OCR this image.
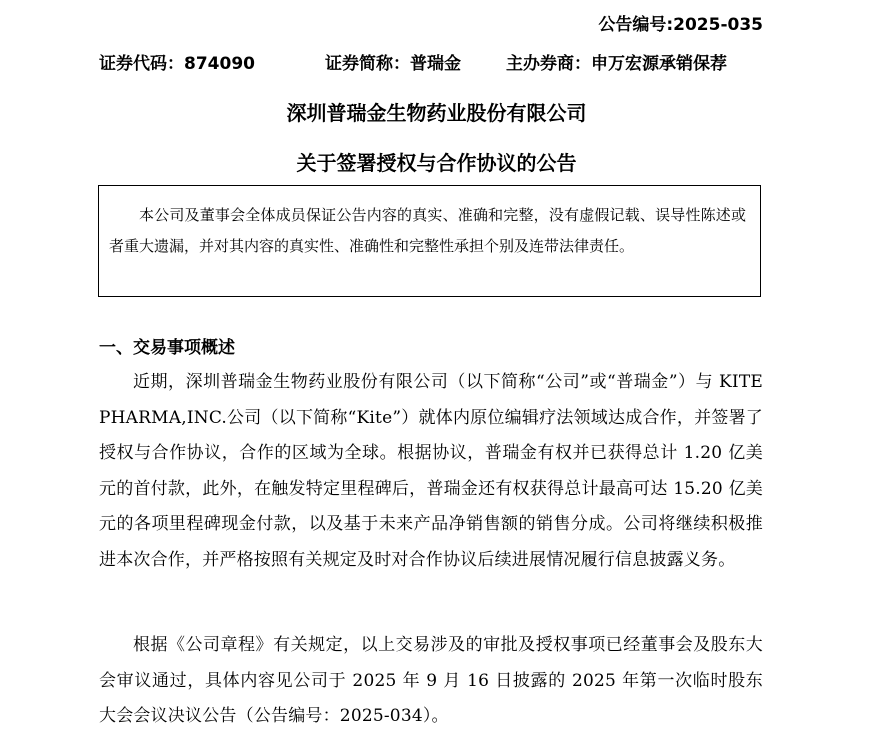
公告编号:2025-035
证券代码：874090	证券简称：普瑞金	主办券商：申万宏源承销保荐
深圳普瑞金生物药业股份有限公司
关于签署授权与合作协议的公告
本公司及董事会全体成员保证公告内容的真实、准确和完整，没有虚假记载、误导性陈述或者重大遗漏，并对其内容的真实性、准确性和完整性承担个别及连带法律责任。
一、交易事项概述
近期，深圳普瑞金生物药业股份有限公司（以下简称“公司”或“普瑞金”）与 KITE PHARMA,INC.公司（以下简称“Kite”）就体内原位编辑疗法领域达成合作，并签署了授权与合作协议，合作的区域为全球。根据协议，普瑞金有权并已获得总计 1.20 亿美元的首付款，此外，在触发特定里程碑后，普瑞金还有权获得总计最高可达 15.20 亿美元的各项里程碑现金付款，以及基于未来产品净销售额的销售分成。公司将继续积极推进本次合作，并严格按照有关规定及时对合作协议后续进展情况履行信息披露义务。
根据《公司章程》有关规定，以上交易涉及的审批及授权事项已经董事会及股东大会审议通过，具体内容见公司于 2025 年 9 月 16 日披露的 2025 年第一次临时股东大会会议决议公告（公告编号：2025-034）。
